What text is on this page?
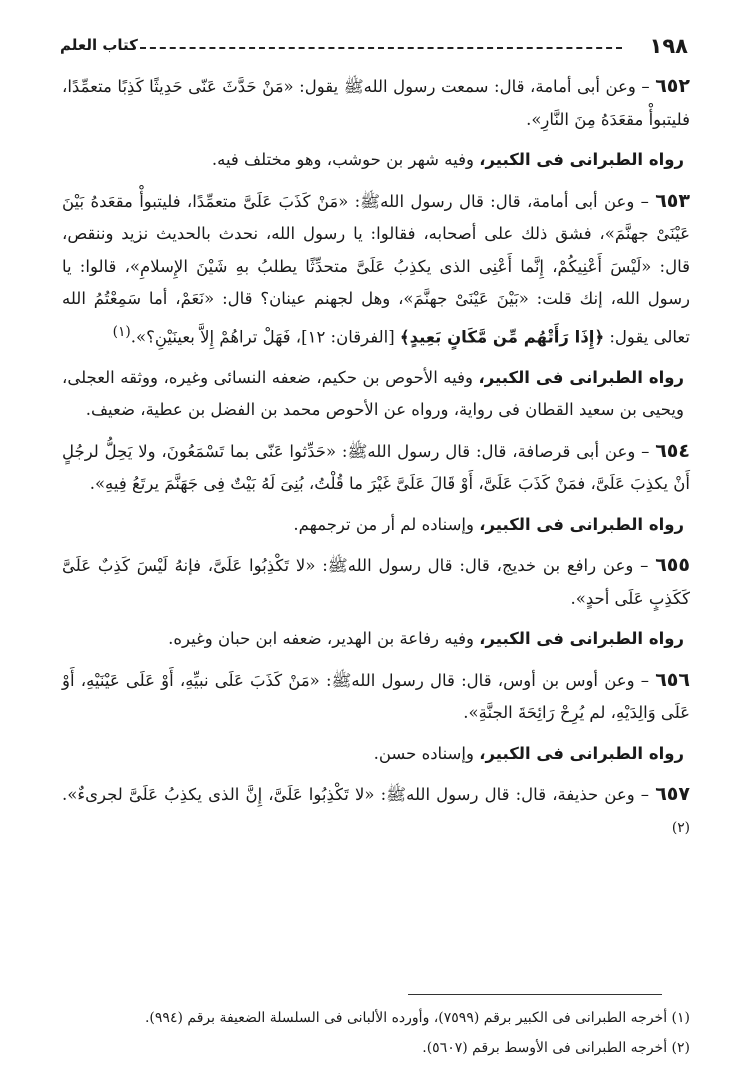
١٩٨
كتاب العلم

٦٥٢ – وعن أبى أمامة، قال: سمعت رسول اللهﷺ يقول: «مَنْ حَدَّثَ عَنّى حَدِيثًا كَذِبًا متعمِّدًا، فليتبوأْ مقعَدَهُ مِنَ النَّارِ».

رواه الطبرانى فى الكبير، وفيه شهر بن حوشب، وهو مختلف فيه.

٦٥٣ – وعن أبى أمامة، قال: قال رسول اللهﷺ: «مَنْ كَذَبَ عَلَىَّ متعمِّدًا، فليتبوأْ مقعَدهُ بَيْنَ عَيْنَىْ جهنَّمَ»، فشق ذلك على أصحابه، فقالوا: يا رسول الله، نحدث بالحديث نزيد وننقص، قال: «لَيْسَ أَعْنِيكُمْ، إِنَّما أَعْنِى الذى يكذِبُ عَلَىَّ متحدِّثًا يطلبُ بهِ شَيْنَ الإِسلامِ»، قالوا: يا رسول الله، إنك قلت: «بَيْنَ عَيْنَىْ جهنَّمَ»، وهل لجهنم عينان؟ قال: «نَعَمْ، أما سَمِعْتُمُ الله تعالى يقول: ﴿إِذَا رَأَتْهُم مِّن مَّكَانٍ بَعِيدٍ﴾ [الفرقان: ١٢]، فَهَلْ تراهُمْ إِلاَّ بعينَيْنِ؟».$^{(١)}$

رواه الطبرانى فى الكبير، وفيه الأحوص بن حكيم، ضعفه النسائى وغيره، ووثقه العجلى، ويحيى بن سعيد القطان فى رواية، ورواه عن الأحوص محمد بن الفضل بن عطية، ضعيف.

٦٥٤ – وعن أبى قرصافة، قال: قال رسول اللهﷺ: «حَدِّثوا عَنّى بما تَسْمَعُونَ، ولا يَحِلُّ لرجُلٍ أَنْ يكذِبَ عَلَىَّ، فمَنْ كَذَبَ عَلَىَّ، أَوْ قَالَ عَلَىَّ غَيْرَ ما قُلْتُ، بُنِىَ لَهُ بَيْتٌ فِى جَهَنَّمَ يرتَعُ فِيهِ».

رواه الطبرانى فى الكبير، وإسناده لم أر من ترجمهم.

٦٥٥ – وعن رافع بن خديج، قال: قال رسول اللهﷺ: «لا تَكْذِبُوا عَلَىَّ، فإنهُ لَيْسَ كَذِبٌ عَلَىَّ كَكَذِبٍ عَلَى أحدٍ».

رواه الطبرانى فى الكبير، وفيه رفاعة بن الهدير، ضعفه ابن حبان وغيره.

٦٥٦ – وعن أوس بن أوس، قال: قال رسول اللهﷺ: «مَنْ كَذَبَ عَلَى نبيِّهِ، أَوْ عَلَى عَيْنَيْهِ، أَوْ عَلَى وَالِدَيْهِ، لم يُرِحْ رَائِحَةَ الجنَّةِ».

رواه الطبرانى فى الكبير، وإسناده حسن.

٦٥٧ – وعن حذيفة، قال: قال رسول اللهﷺ: «لا تَكْذِبُوا عَلَىَّ، إِنَّ الذى يكذِبُ عَلَىَّ لجرىءٌ».$^{(٢)}$

(١) أخرجه الطبرانى فى الكبير برقم (٧٥٩٩)، وأورده الألبانى فى السلسلة الضعيفة برقم (٩٩٤).
(٢) أخرجه الطبرانى فى الأوسط برقم (٥٦٠٧).
